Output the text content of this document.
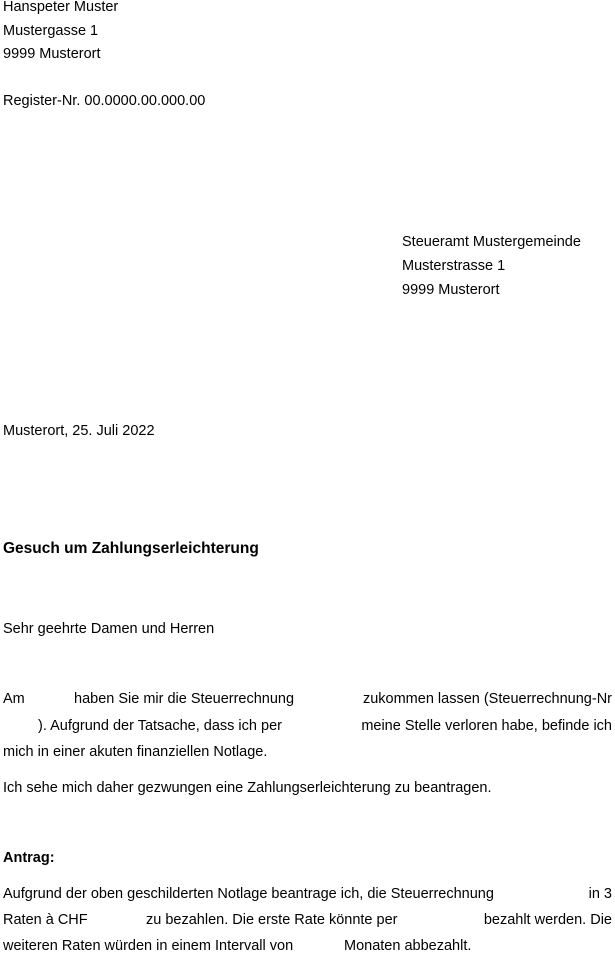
Hanspeter Muster
Mustergasse 1
9999 Musterort
Register-Nr. 00.0000.00.000.00
Steueramt Mustergemeinde
Musterstrasse 1
9999 Musterort
Musterort, 25. Juli 2022
Gesuch um Zahlungserleichterung
Sehr geehrte Damen und Herren
Am	haben Sie mir die Steuerrechnung	zukommen lassen (Steuerrechnung-Nr
). Aufgrund der Tatsache, dass ich per	meine Stelle verloren habe, befinde ich
mich in einer akuten finanziellen Notlage.
Ich sehe mich daher gezwungen eine Zahlungserleichterung zu beantragen.
Antrag:
Aufgrund der oben geschilderten Notlage beantrage ich, die Steuerrechnung	in 3
Raten à CHF	zu bezahlen. Die erste Rate könnte per	bezahlt werden. Die
weiteren Raten würden in einem Intervall von	Monaten abbezahlt.
